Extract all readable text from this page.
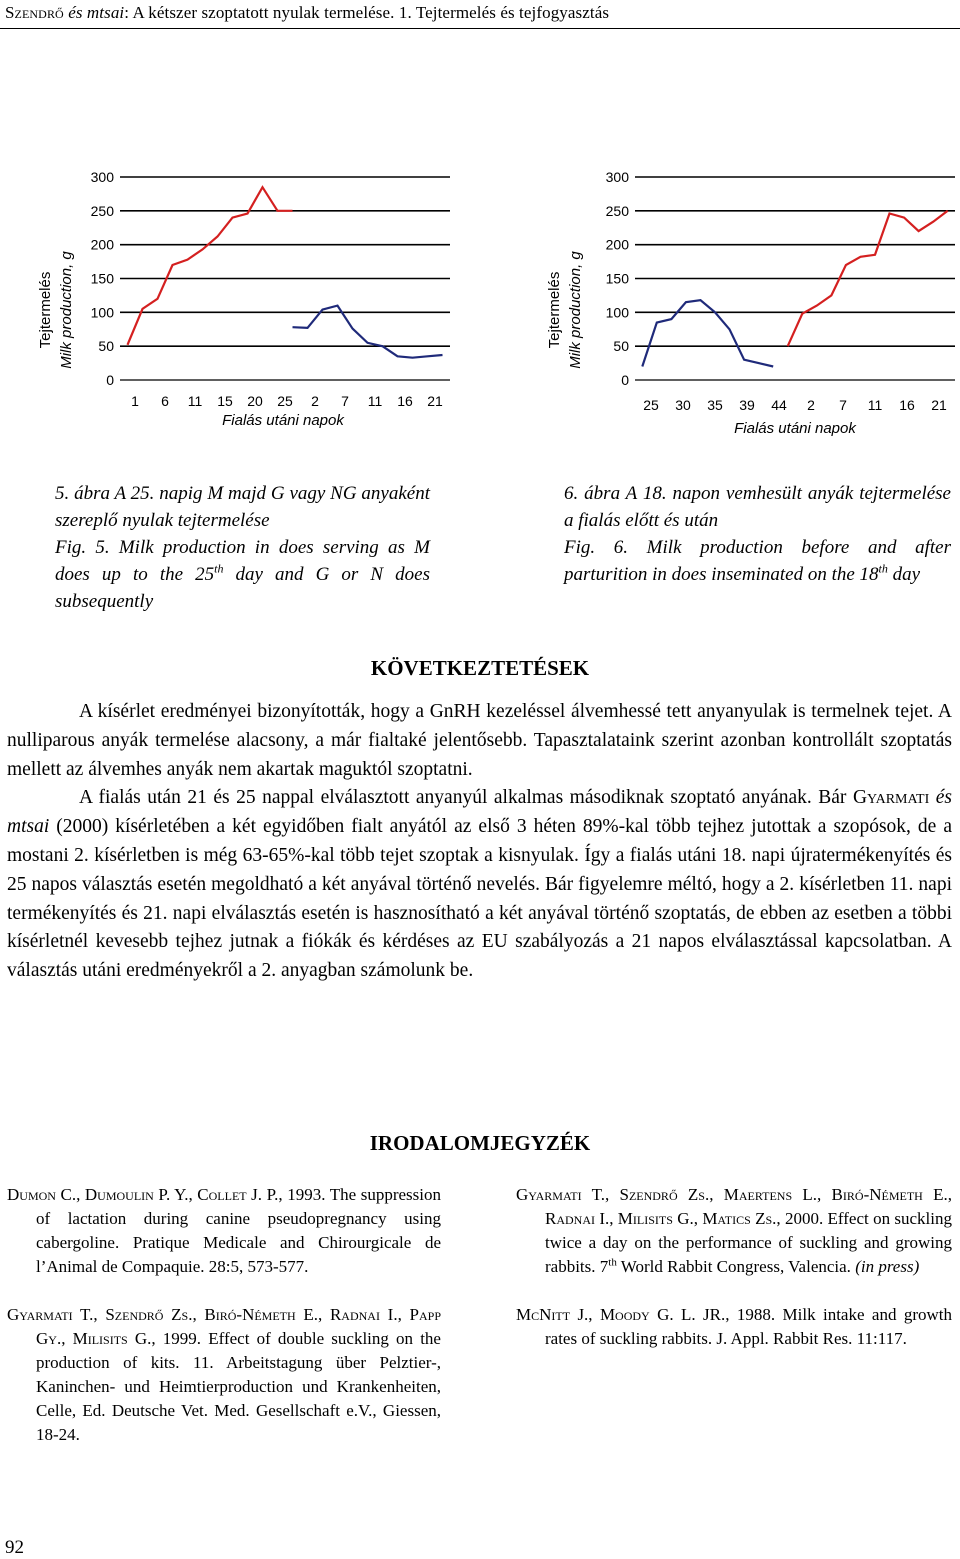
Szendrő és mtsai: A kétszer szoptatott nyulak termelése. 1. Tejtermelés és tejfogyasztás
Tejtermelés Milk production, g
Fialás utáni napok
0
50
100
150
200
250
300
1 6 11 15 20 25 2 7 11 16 21
Tejtermelés Milk production, g
Fialás utáni napok
0
50
100
150
200
250
300
25 30 35 39 44 2 7 11 16 21

5. ábra A 25. napig M majd G vagy NG anyaként szereplő nyulak tejtermelése

Fig. 5. Milk production in does serving as M does up to the 25th day and G or N does subsequently

6. ábra A 18. napon vemhesült anyák tejtermelése a fialás előtt és után

Fig. 6. Milk production before and after parturition in does inseminated on the 18th day

KÖVETKEZTETÉSEK

A kísérlet eredményei bizonyították, hogy a GnRH kezeléssel álvemhessé tett anyanyulak is termelnek tejet. A nulliparous anyák termelése alacsony, a már fialtaké jelentősebb. Tapasztalataink szerint azonban kontrollált szoptatás mellett az álvemhes anyák nem akartak maguktól szoptatni.

A fialás után 21 és 25 nappal elválasztott anyanyúl alkalmas másodiknak szoptató anyának. Bár Gyarmati és mtsai (2000) kísérletében a két egyidőben fialt anyától az első 3 héten 89%-kal több tejhez jutottak a szopósok, de a mostani 2. kísérletben is még 63-65%-kal több tejet szoptak a kisnyulak. Így a fialás utáni 18. napi újratermékenyítés és 25 napos választás esetén megoldható a két anyával történő nevelés. Bár figyelemre méltó, hogy a 2. kísérletben 11. napi termékenyítés és 21. napi elválasztás esetén is hasznosítható a két anyával történő szoptatás, de ebben az esetben a többi kísérletnél kevesebb tejhez jutnak a fiókák és kérdéses az EU szabályozás a 21 napos elválasztással kapcsolatban. A választás utáni eredményekről a 2. anyagban számolunk be.

IRODALOMJEGYZÉK
Dumon C., Dumoulin P. Y., Collet J. P., 1993. The suppression of lactation during canine pseudopregnancy using cabergoline. Pratique Medicale and Chirourgicale de l’Animal de Compaquie. 28:5, 573-577.
Gyarmati T., Szendrő Zs., Biró-Németh E., Radnai I., Papp Gy., Milisits G., 1999. Effect of double suckling on the production of kits. 11. Arbeitstagung über Pelztier-, Kaninchen- und Heimtierproduction und Krankenheiten, Celle, Ed. Deutsche Vet. Med. Gesellschaft e.V., Giessen, 18-24.
Gyarmati T., Szendrő Zs., Maertens L., Biró-Németh E., Radnai I., Milisits G., Matics Zs., 2000. Effect on suckling twice a day on the performance of suckling and growing rabbits. 7th World Rabbit Congress, Valencia. (in press)
McNitt J., Moody G. L. JR., 1988. Milk intake and growth rates of suckling rabbits. J. Appl. Rabbit Res. 11:117.
92
